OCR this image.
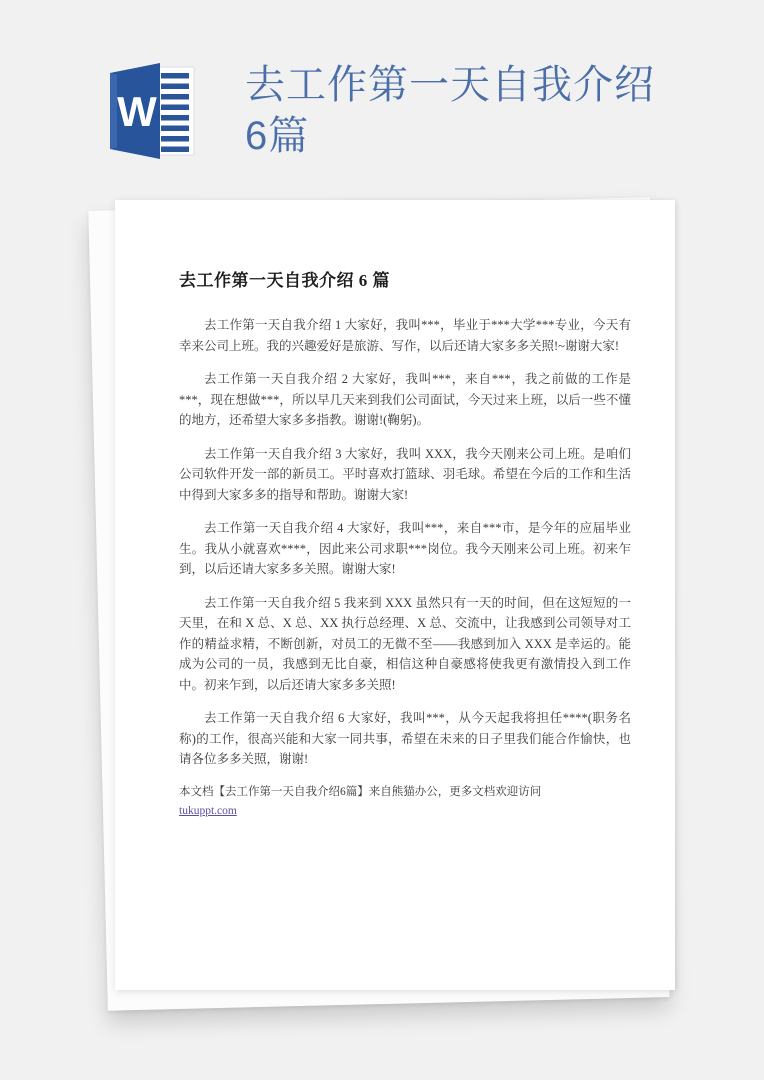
W
去工作第一天自我介绍6篇
去工作第一天自我介绍 6 篇

去工作第一天自我介绍 1 大家好，我叫***，毕业于***大学***专业，今天有幸来公司上班。我的兴趣爱好是旅游、写作，以后还请大家多多关照!~谢谢大家!

去工作第一天自我介绍 2 大家好，我叫***，来自***，我之前做的工作是***，现在想做***，所以早几天来到我们公司面试，今天过来上班，以后一些不懂的地方，还希望大家多多指教。谢谢!(鞠躬)。

去工作第一天自我介绍 3 大家好，我叫 XXX，我今天刚来公司上班。是咱们公司软件开发一部的新员工。平时喜欢打篮球、羽毛球。希望在今后的工作和生活中得到大家多多的指导和帮助。谢谢大家!

去工作第一天自我介绍 4 大家好，我叫***，来自***市，是今年的应届毕业生。我从小就喜欢****，因此来公司求职***岗位。我今天刚来公司上班。初来乍到，以后还请大家多多关照。谢谢大家!

去工作第一天自我介绍 5 我来到 XXX 虽然只有一天的时间，但在这短短的一天里，在和 X 总、X 总、XX 执行总经理、X 总、交流中，让我感到公司领导对工作的精益求精，不断创新，对员工的无微不至——我感到加入 XXX 是幸运的。能成为公司的一员，我感到无比自豪，相信这种自豪感将使我更有激情投入到工作中。初来乍到，以后还请大家多多关照!

去工作第一天自我介绍 6 大家好，我叫***，从今天起我将担任****(职务名称)的工作，很高兴能和大家一同共事，希望在未来的日子里我们能合作愉快，也请各位多多关照，谢谢!

本文档【去工作第一天自我介绍6篇】来自熊猫办公，更多文档欢迎访问
tukuppt.com
